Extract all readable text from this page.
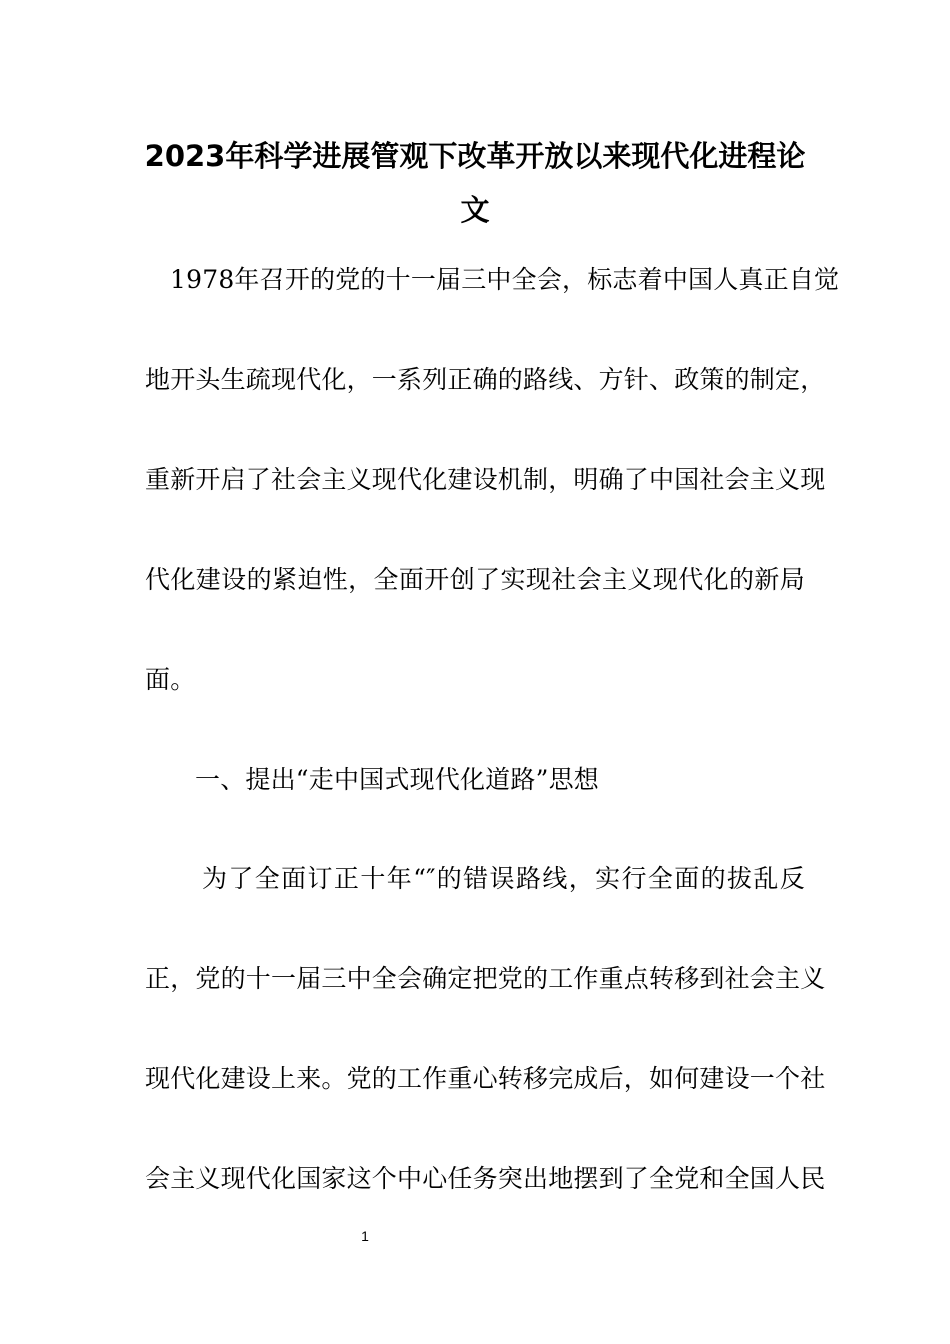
2023年科学进展管观下改革开放以来现代化进程论
文
1978年召开的党的十一届三中全会，标志着中国人真正自觉
地开头生疏现代化，一系列正确的路线、方针、政策的制定，
重新开启了社会主义现代化建设机制，明确了中国社会主义现
代化建设的紧迫性，全面开创了实现社会主义现代化的新局
面。
一、提出“走中国式现代化道路”思想
为了全面订正十年“″的错误路线，实行全面的拔乱反
正，党的十一届三中全会确定把党的工作重点转移到社会主义
现代化建设上来。党的工作重心转移完成后，如何建设一个社
会主义现代化国家这个中心任务突出地摆到了全党和全国人民
1
